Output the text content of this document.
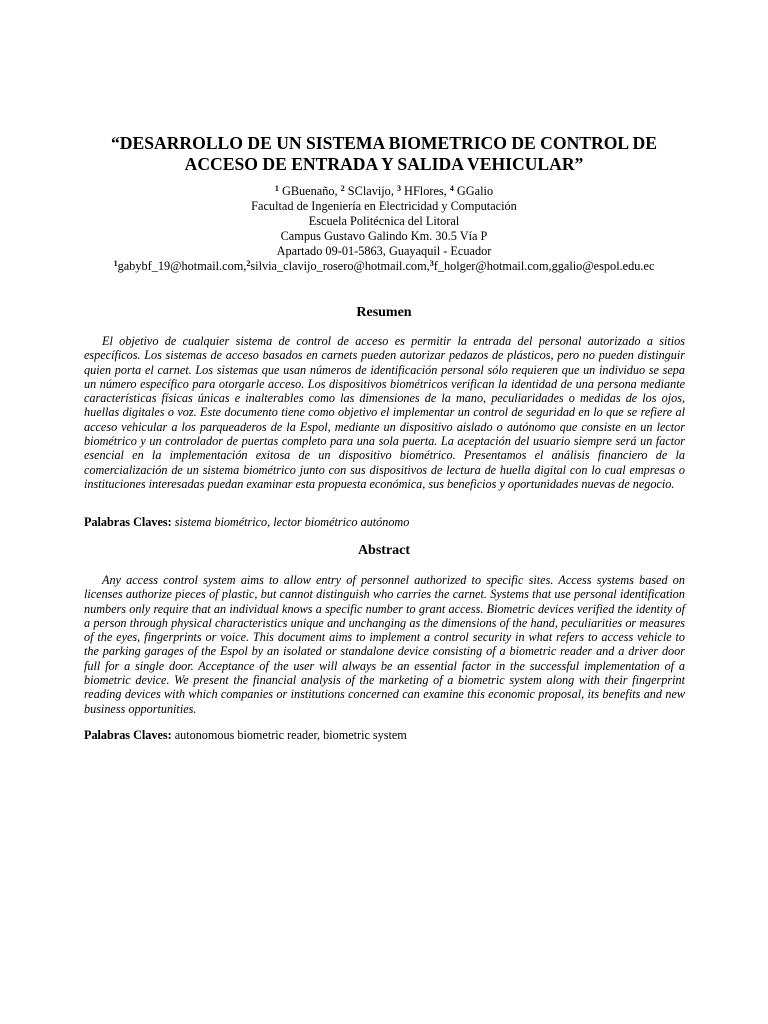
“DESARROLLO DE UN SISTEMA BIOMETRICO DE CONTROL DE
ACCESO DE ENTRADA Y SALIDA VEHICULAR”
$^1$ GBuenaño, $^2$ SClavijo, $^3$ HFlores, $^4$ GGalio
Facultad de Ingeniería en Electricidad y Computación
Escuela Politécnica del Litoral
Campus Gustavo Galindo Km. 30.5 Vía P
Apartado 09-01-5863, Guayaquil - Ecuador
$^1$gabybf_19@hotmail.com,$^2$silvia_clavijo_rosero@hotmail.com,$^3$f_holger@hotmail.com,ggalio@espol.edu.ec
Resumen

El objetivo de cualquier sistema de control de acceso es permitir la entrada del personal autorizado a sitios específicos. Los sistemas de acceso basados en carnets pueden autorizar pedazos de plásticos, pero no pueden distinguir quien porta el carnet. Los sistemas que usan números de identificación personal sólo requieren que un individuo se sepa un número específico para otorgarle acceso. Los dispositivos biométricos verifican la identidad de una persona mediante características físicas únicas e inalterables como las dimensiones de la mano, peculiaridades o medidas de los ojos, huellas digitales o voz. Este documento tiene como objetivo el implementar un control de seguridad en lo que se refiere al acceso vehicular a los parqueaderos de la Espol, mediante un dispositivo aislado o autónomo que consiste en un lector biométrico y un controlador de puertas completo para una sola puerta. La aceptación del usuario siempre será un factor esencial en la implementación exitosa de un dispositivo biométrico. Presentamos el análisis financiero de la comercialización de un sistema biométrico junto con sus dispositivos de lectura de huella digital con lo cual empresas o instituciones interesadas puedan examinar esta propuesta económica, sus beneficios y oportunidades nuevas de negocio.

Palabras Claves: sistema biométrico, lector biométrico autónomo

Abstract

Any access control system aims to allow entry of personnel authorized to specific sites. Access systems based on licenses authorize pieces of plastic, but cannot distinguish who carries the carnet. Systems that use personal identification numbers only require that an individual knows a specific number to grant access. Biometric devices verified the identity of a person through physical characteristics unique and unchanging as the dimensions of the hand, peculiarities or measures of the eyes, fingerprints or voice. This document aims to implement a control security in what refers to access vehicle to the parking garages of the Espol by an isolated or standalone device consisting of a biometric reader and a driver door full for a single door. Acceptance of the user will always be an essential factor in the successful implementation of a biometric device. We present the financial analysis of the marketing of a biometric system along with their fingerprint reading devices with which companies or institutions concerned can examine this economic proposal, its benefits and new business opportunities.

Palabras Claves: autonomous biometric reader, biometric system
